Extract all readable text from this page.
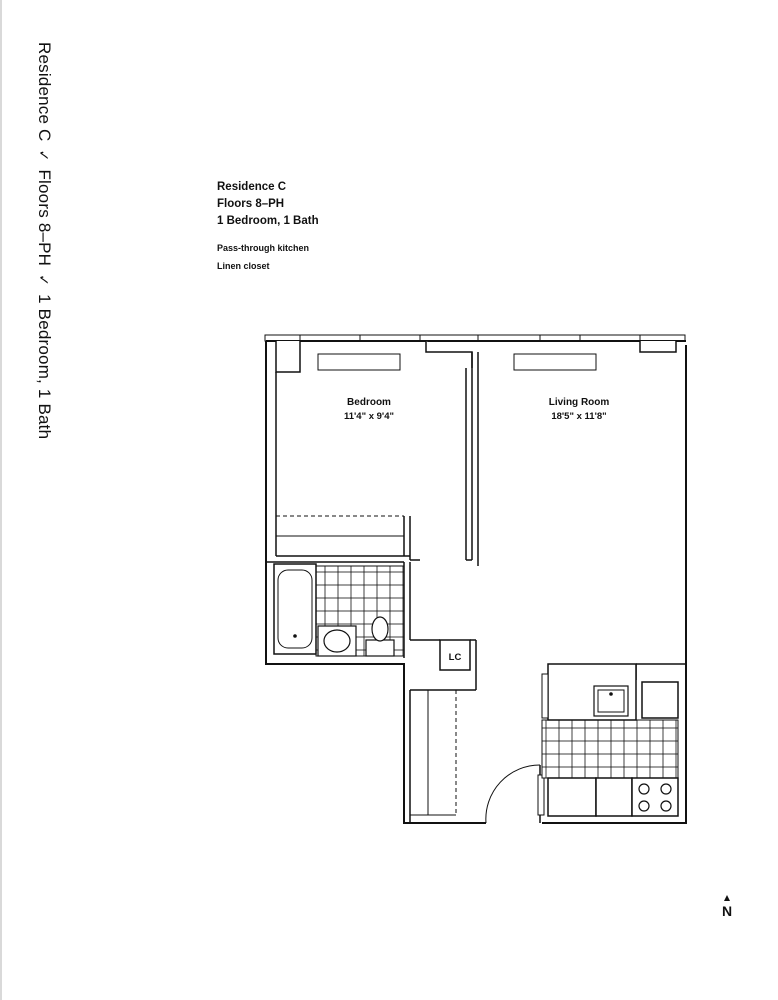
Residence C✓Floors 8–PH✓1 Bedroom, 1 Bath
Residence C
Floors 8–PH
1 Bedroom, 1 Bath
Pass-through kitchen
Linen closet
Bedroom
11'4" x 9'4"
Living Room
18'5" x 11'8"
LC
N
